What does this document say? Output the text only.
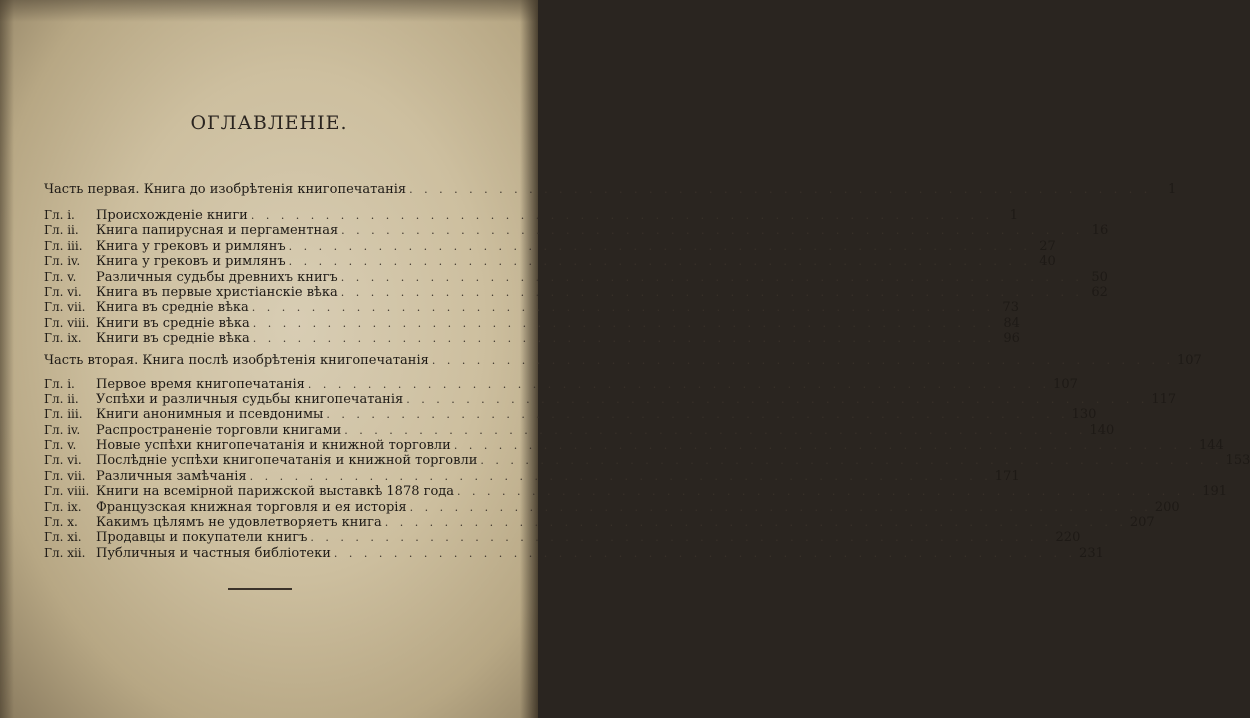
ОГЛАВЛЕНІЕ.
Часть первая. Книга до изобрѣтенія книгопечатанія . . .	1
Гл. i.	Происхожденіе книги . . .	1
Гл. ii.	Книга папирусная и пергаментная . . .	16
Гл. iii.	Книга у грековъ и римлянъ . . .	27
Гл. iv.	Книга у грековъ и римлянъ . . .	40
Гл. v.	Различныя судьбы древнихъ книгъ . . .	50
Гл. vi.	Книга въ первые христіанскіе вѣка . . .	62
Гл. vii. Книга въ средніе вѣка . . .	73
Гл. viii. Книги въ средніе вѣка . . .	84
Гл. ix.	Книги въ средніе вѣка . . .	96
Часть вторая. Книга послѣ изобрѣтенія книгопечатанія . . .	107
Гл. i.	Первое время книгопечатанія . . .	107
Гл. ii.	Успѣхи и различныя судьбы книгопечатанія . . .	117
Гл. iii.	Книги анонимныя и псевдонимы . . .	130
Гл. iv.	Распространеніе торговли книгами . . .	140
Гл. v.	Новые успѣхи книгопечатанія и книжной торговли . . .	144
Гл. vi.	Послѣдніе успѣхи книгопечатанія и книжной торговли . . .	153
Гл. vii. Различныя замѣчанія . . .	171
Гл. viii. Книги на всемірной парижской выставкѣ 1878 года . . .	191
Гл. ix.	Французская книжная торговля и ея исторія . . .	200
Гл. x.	Какимъ цѣлямъ не удовлетворяетъ книга . . .	207
Гл. xi.	Продавцы и покупатели книгъ . . .	220
Гл. xii. Публичныя и частныя библіотеки . . .	231
